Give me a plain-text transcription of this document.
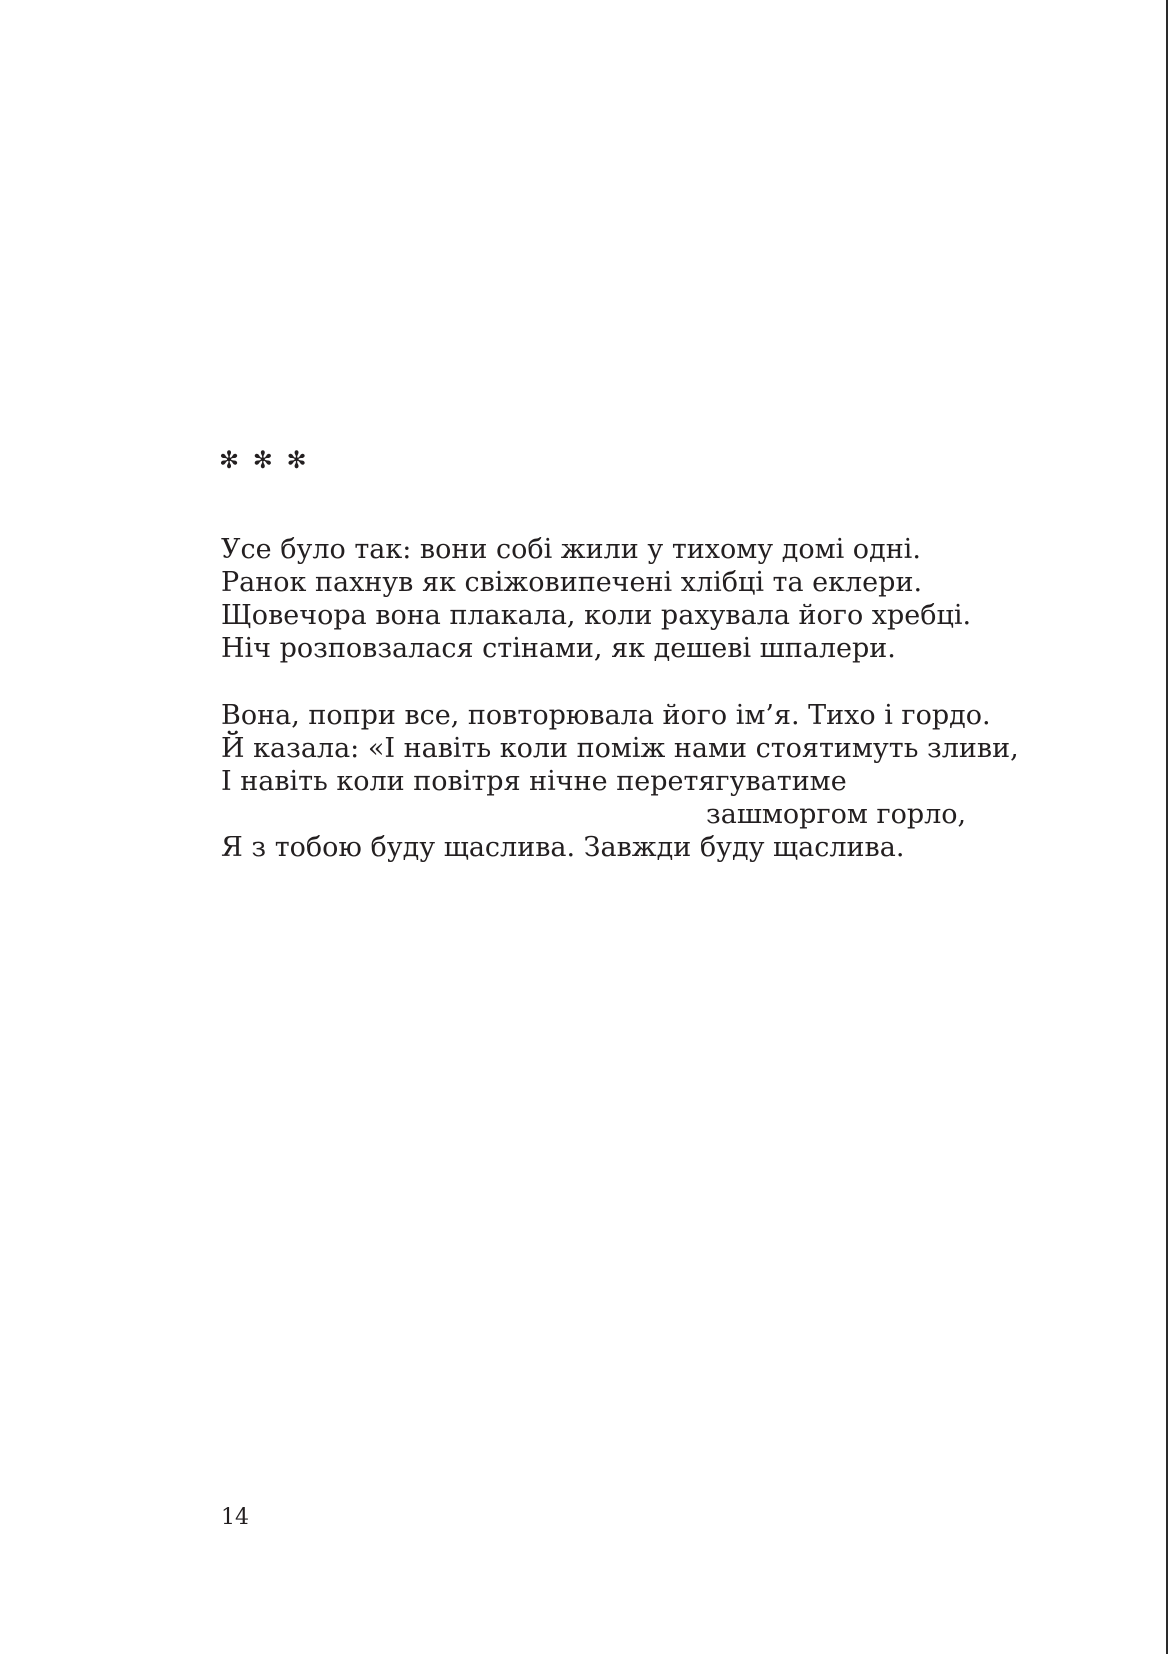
✻ ✻ ✻
Усе було так: вони собі жили у тихому домі одні.
Ранок пахнув як свіжовипечені хлібці та еклери.
Щовечора вона плакала, коли рахувала його хребці.
Ніч розповзалася стінами, як дешеві шпалери.
Вона, попри все, повторювала його ім’я. Тихо і гордо.
Й казала: «І навіть коли поміж нами стоятимуть зливи,
І навіть коли повітря нічне перетягуватиме
зашморгом горло,
Я з тобою буду щаслива. Завжди буду щаслива.
14
